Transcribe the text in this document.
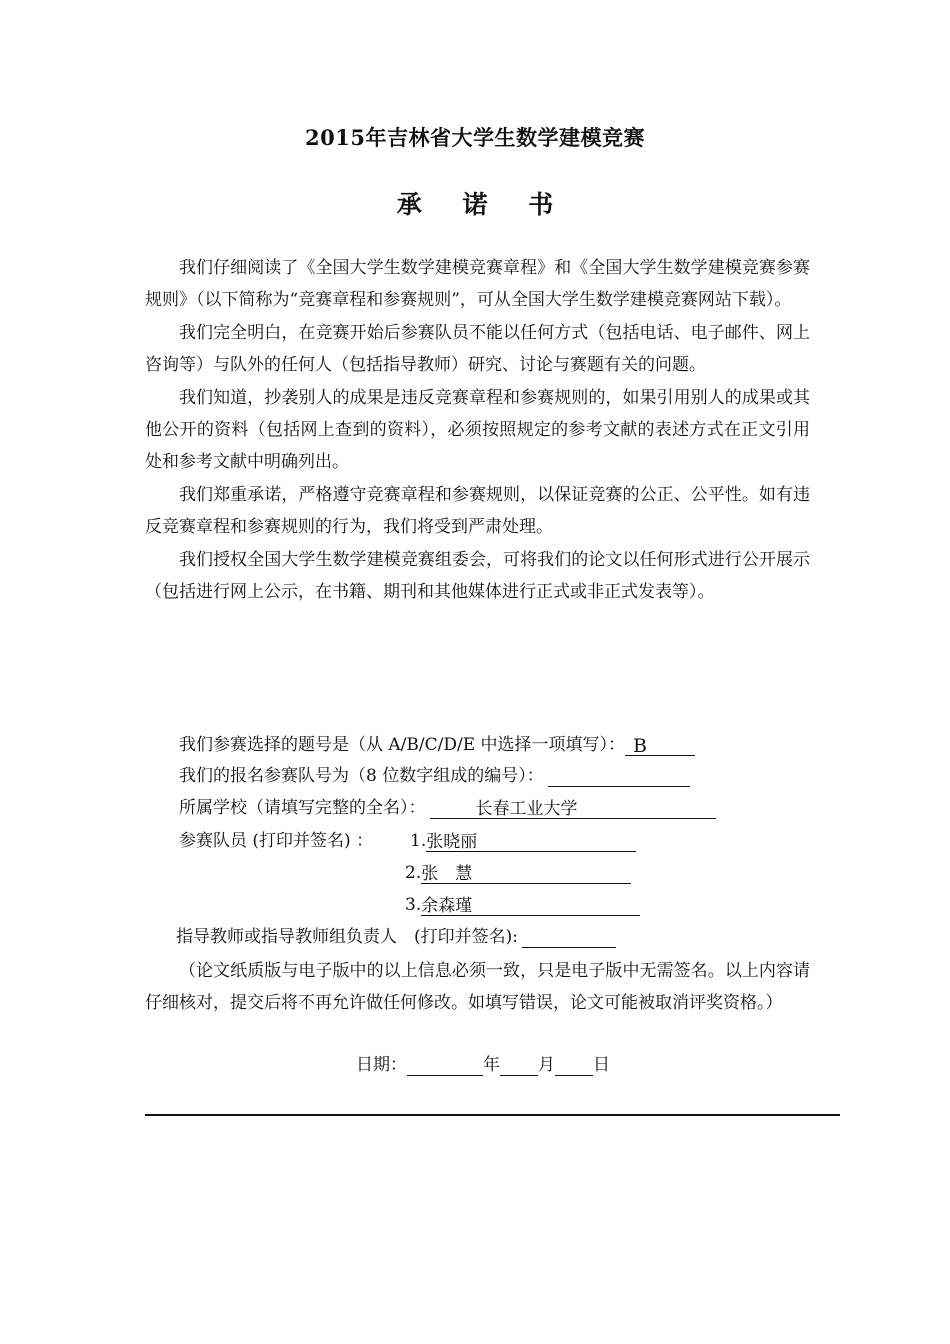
2015年吉林省大学生数学建模竞赛
承 诺 书

我们仔细阅读了《全国大学生数学建模竞赛章程》和《全国大学生数学建模竞赛参赛规则》（以下简称为“竞赛章程和参赛规则”，可从全国大学生数学建模竞赛网站下载）。

我们完全明白，在竞赛开始后参赛队员不能以任何方式（包括电话、电子邮件、网上咨询等）与队外的任何人（包括指导教师）研究、讨论与赛题有关的问题。

我们知道，抄袭别人的成果是违反竞赛章程和参赛规则的，如果引用别人的成果或其他公开的资料（包括网上查到的资料），必须按照规定的参考文献的表述方式在正文引用处和参考文献中明确列出。

我们郑重承诺，严格遵守竞赛章程和参赛规则，以保证竞赛的公正、公平性。如有违反竞赛章程和参赛规则的行为，我们将受到严肃处理。

我们授权全国大学生数学建模竞赛组委会，可将我们的论文以任何形式进行公开展示（包括进行网上公示，在书籍、期刊和其他媒体进行正式或非正式发表等）。

我们参赛选择的题号是（从 A/B/C/D/E 中选择一项填写）： B
我们的报名参赛队号为（8 位数字组成的编号）：
所属学校（请填写完整的全名）：	长春工业大学
参赛队员 (打印并签名) ： 1.张晓丽
2.张　慧
3.余森瑾
指导教师或指导教师组负责人　(打印并签名):

（论文纸质版与电子版中的以上信息必须一致，只是电子版中无需签名。以上内容请仔细核对，提交后将不再允许做任何修改。如填写错误，论文可能被取消评奖资格。）

日期：	年 月 日
